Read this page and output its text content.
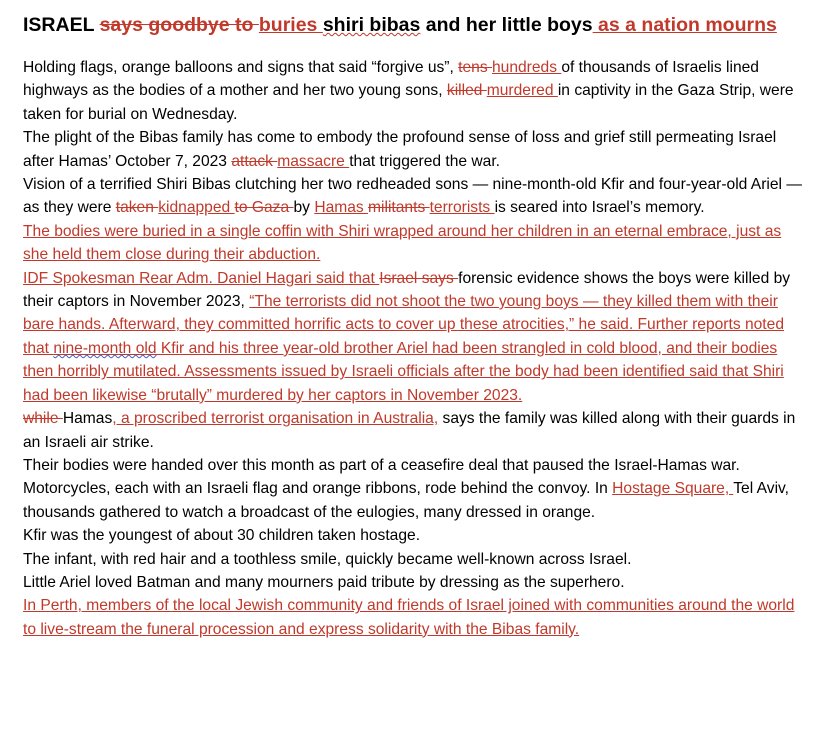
ISRAEL says goodbye to buries shiri bibas and her little boys as a nation mourns

Holding flags, orange balloons and signs that said “forgive us”, tens hundreds of thousands of Israelis lined highways as the bodies of a mother and her two young sons, killed murdered in captivity in the Gaza Strip, were taken for burial on Wednesday.

The plight of the Bibas family has come to embody the profound sense of loss and grief still permeating Israel after Hamas’ October 7, 2023 attack massacre that triggered the war.

Vision of a terrified Shiri Bibas clutching her two redheaded sons — nine-month-old Kfir and four-year-old Ariel — as they were taken kidnapped to Gaza by Hamas militants terrorists is seared into Israel’s memory.

The bodies were buried in a single coffin with Shiri wrapped around her children in an eternal embrace, just as she held them close during their abduction.

IDF Spokesman Rear Adm. Daniel Hagari said that Israel says forensic evidence shows the boys were killed by their captors in November 2023, “The terrorists did not shoot the two young boys — they killed them with their bare hands. Afterward, they committed horrific acts to cover up these atrocities,” he said. Further reports noted that nine-month old Kfir and his three year-old brother Ariel had been strangled in cold blood, and their bodies then horribly mutilated. Assessments issued by Israeli officials after the body had been identified said that Shiri had been likewise “brutally” murdered by her captors in November 2023.

while Hamas, a proscribed terrorist organisation in Australia, says the family was killed along with their guards in an Israeli air strike.

Their bodies were handed over this month as part of a ceasefire deal that paused the Israel-Hamas war.

Motorcycles, each with an Israeli flag and orange ribbons, rode behind the convoy. In Hostage Square, Tel Aviv, thousands gathered to watch a broadcast of the eulogies, many dressed in orange.

Kfir was the youngest of about 30 children taken hostage.

The infant, with red hair and a toothless smile, quickly became well-known across Israel.

Little Ariel loved Batman and many mourners paid tribute by dressing as the superhero.

In Perth, members of the local Jewish community and friends of Israel joined with communities around the world to live-stream the funeral procession and express solidarity with the Bibas family.
